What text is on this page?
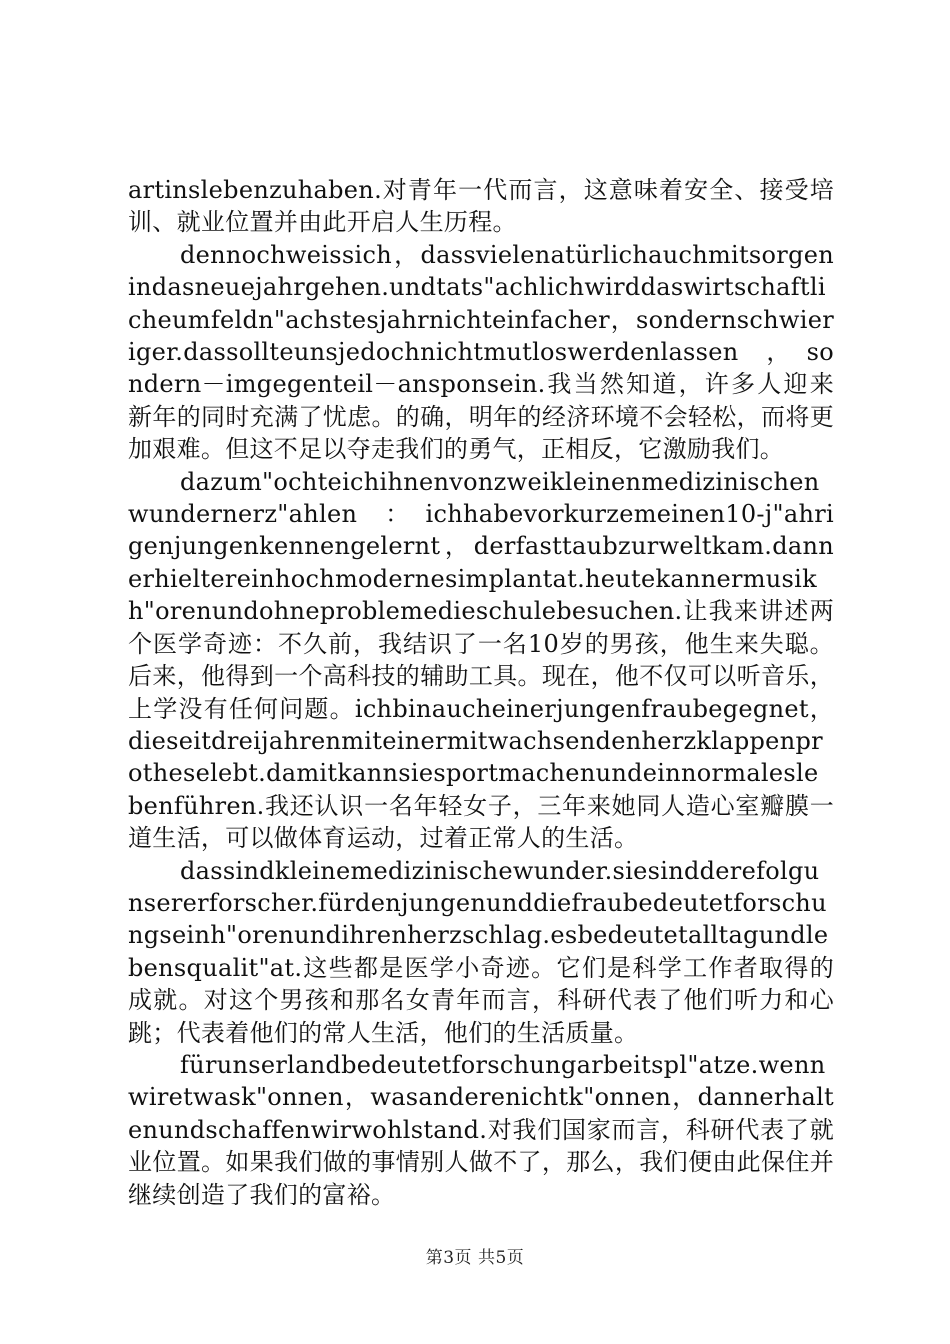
artinslebenzuhaben.对青年一代而言，这意味着安全、接受培训、就业位置并由此开启人生历程。

dennochweissich，dassvielenatürlichauchmitsorgenindasneuejahrgehen.undtats"achlichwirddaswirtschaftlicheumfeldn"achstesjahrnichteinfacher，sondernschwieriger.dassollteunsjedochnichtmutloswerdenlassen　，　sondern－imgegenteil－ansponsein.我当然知道，许多人迎来新年的同时充满了忧虑。的确，明年的经济环境不会轻松，而将更加艰难。但这不足以夺走我们的勇气，正相反，它激励我们。

dazum"ochteichihnenvonzweikleinenmedizinischenwundernerz"ahlen　：　ichhabevorkurzemeinen10-j"ahrigenjungenkennengelernt，derfasttaubzurweltkam.dannerhieltereinhochmodernesimplantat.heutekannermusikh"orenundohneproblemedieschulebesuchen.让我来讲述两个医学奇迹：不久前，我结识了一名10岁的男孩，他生来失聪。后来，他得到一个高科技的辅助工具。现在，他不仅可以听音乐，上学没有任何问题。ichbinaucheinerjungenfraubegegnet，dieseitdreijahrenmiteinermitwachsendenherzklappenprotheselebt.damitkannsiesportmachenundeinnormaleslebenführen.我还认识一名年轻女子，三年来她同人造心室瓣膜一道生活，可以做体育运动，过着正常人的生活。

dassindkleinemedizinischewunder.siesindderefolgunsererforscher.fürdenjungenunddiefraubedeutetforschungseinh"orenundihrenherzschlag.esbedeutetalltagundlebensqualit"at.这些都是医学小奇迹。它们是科学工作者取得的成就。对这个男孩和那名女青年而言，科研代表了他们听力和心跳；代表着他们的常人生活，他们的生活质量。

fürunserlandbedeutetforschungarbeitspl"atze.wennwiretwask"onnen，wasanderenichtk"onnen，dannerhaltenundschaffenwirwohlstand.对我们国家而言，科研代表了就业位置。如果我们做的事情别人做不了，那么，我们便由此保住并继续创造了我们的富裕。

第3页 共5页
